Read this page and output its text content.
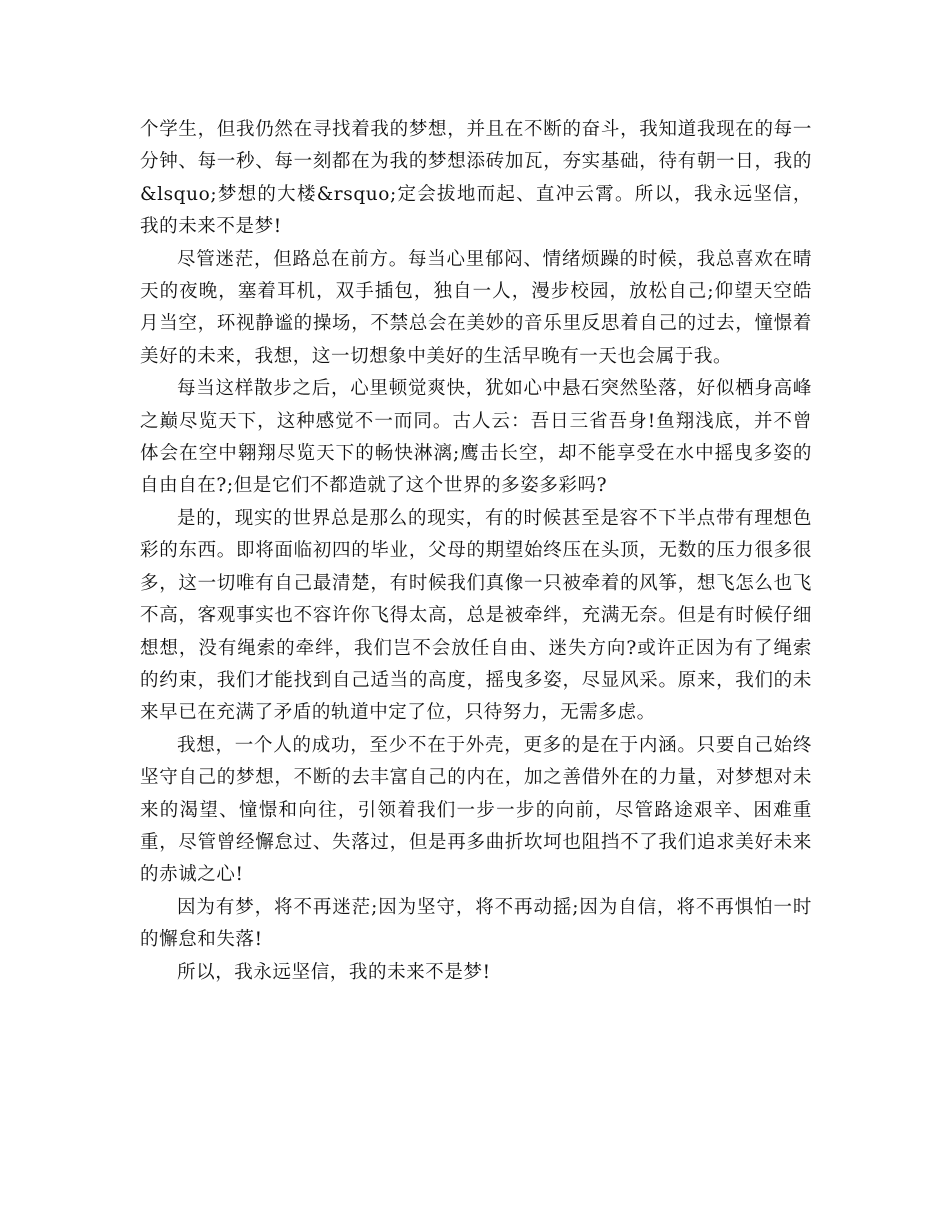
个学生，但我仍然在寻找着我的梦想，并且在不断的奋斗，我知道我现在的每一分钟、每一秒、每一刻都在为我的梦想添砖加瓦，夯实基础，待有朝一日，我的&lsquo;梦想的大楼&rsquo;定会拔地而起、直冲云霄。所以，我永远坚信，我的未来不是梦!

尽管迷茫，但路总在前方。每当心里郁闷、情绪烦躁的时候，我总喜欢在晴天的夜晚，塞着耳机，双手插包，独自一人，漫步校园，放松自己;仰望天空皓月当空，环视静谧的操场，不禁总会在美妙的音乐里反思着自己的过去，憧憬着美好的未来，我想，这一切想象中美好的生活早晚有一天也会属于我。

每当这样散步之后，心里顿觉爽快，犹如心中悬石突然坠落，好似栖身高峰之巅尽览天下，这种感觉不一而同。古人云：吾日三省吾身!鱼翔浅底，并不曾体会在空中翱翔尽览天下的畅快淋漓;鹰击长空，却不能享受在水中摇曳多姿的自由自在?;但是它们不都造就了这个世界的多姿多彩吗?

是的，现实的世界总是那么的现实，有的时候甚至是容不下半点带有理想色彩的东西。即将面临初四的毕业，父母的期望始终压在头顶，无数的压力很多很多，这一切唯有自己最清楚，有时候我们真像一只被牵着的风筝，想飞怎么也飞不高，客观事实也不容许你飞得太高，总是被牵绊，充满无奈。但是有时候仔细想想，没有绳索的牵绊，我们岂不会放任自由、迷失方向?或许正因为有了绳索的约束，我们才能找到自己适当的高度，摇曳多姿，尽显风采。原来，我们的未来早已在充满了矛盾的轨道中定了位，只待努力，无需多虑。

我想，一个人的成功，至少不在于外壳，更多的是在于内涵。只要自己始终坚守自己的梦想，不断的去丰富自己的内在，加之善借外在的力量，对梦想对未来的渴望、憧憬和向往，引领着我们一步一步的向前，尽管路途艰辛、困难重重，尽管曾经懈怠过、失落过，但是再多曲折坎坷也阻挡不了我们追求美好未来的赤诚之心!

因为有梦，将不再迷茫;因为坚守，将不再动摇;因为自信，将不再惧怕一时的懈怠和失落!

所以，我永远坚信，我的未来不是梦!
